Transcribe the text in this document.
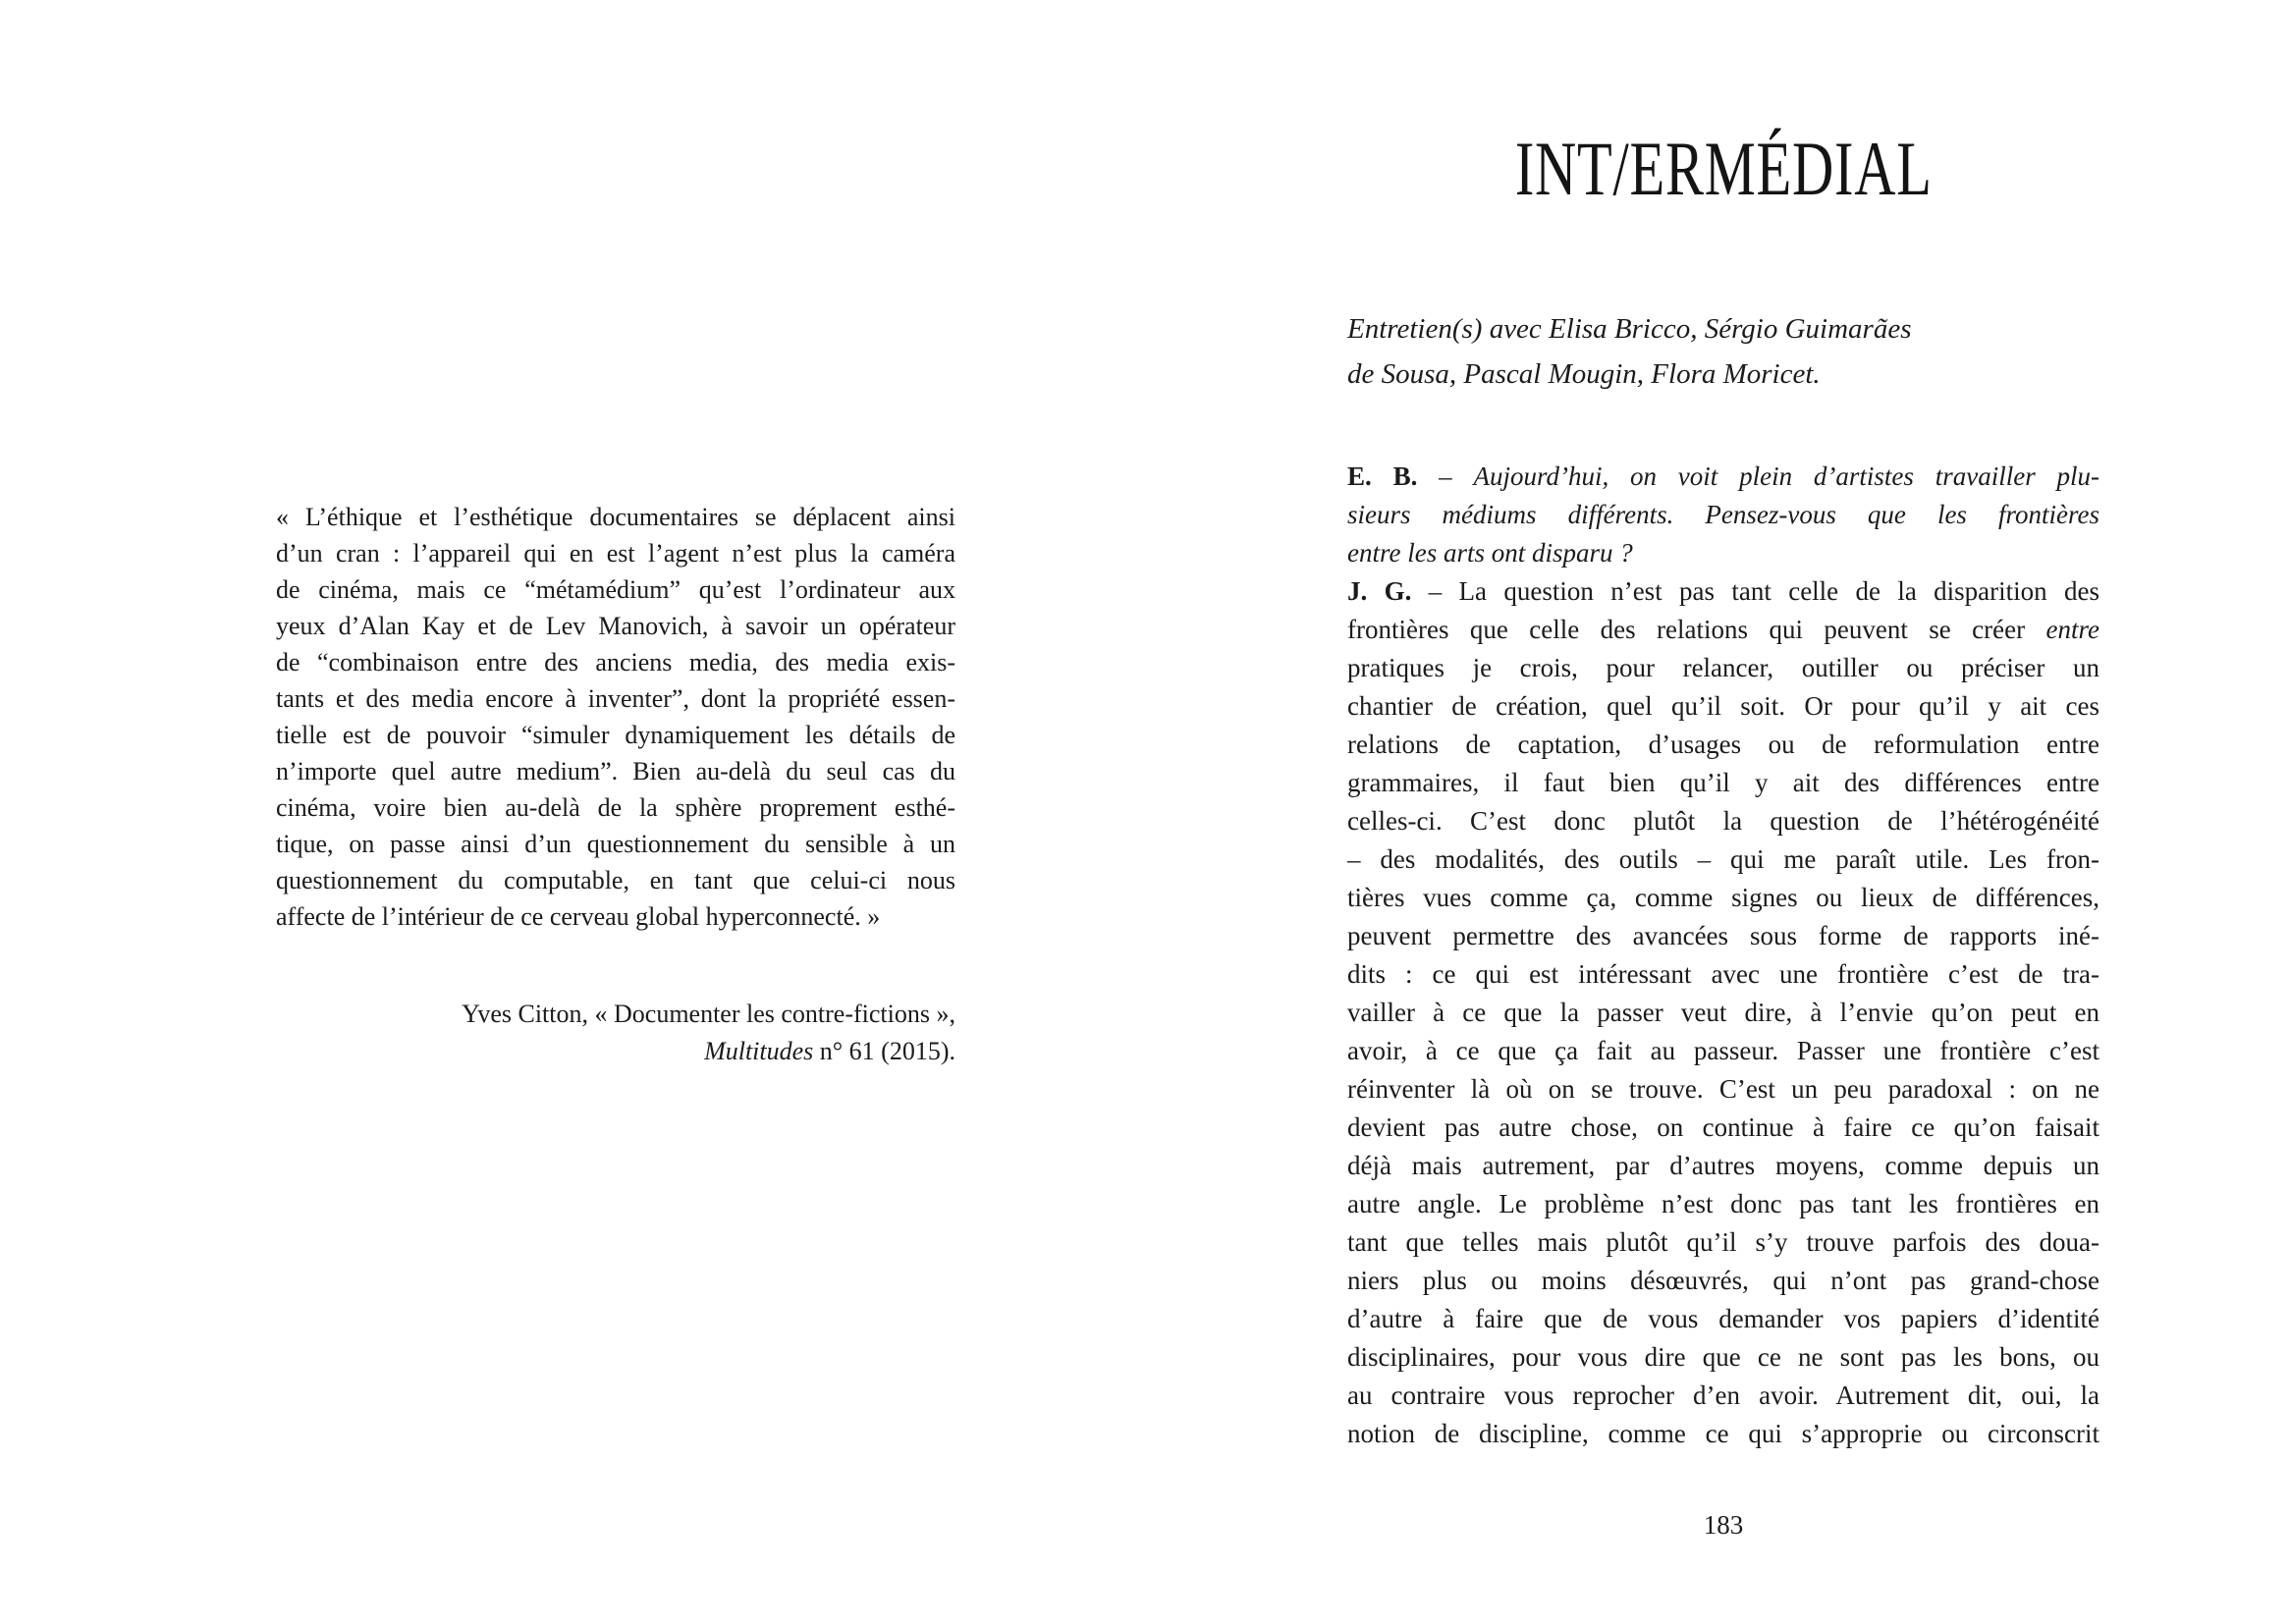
« L’éthique et l’esthétique documentaires se déplacent ainsi
d’un cran : l’appareil qui en est l’agent n’est plus la caméra
de cinéma, mais ce “métamédium” qu’est l’ordinateur aux
yeux d’Alan Kay et de Lev Manovich, à savoir un opérateur
de “combinaison entre des anciens media, des media exis-
tants et des media encore à inventer”, dont la propriété essen-
tielle est de pouvoir “simuler dynamiquement les détails de
n’importe quel autre medium”. Bien au-delà du seul cas du
cinéma, voire bien au-delà de la sphère proprement esthé-
tique, on passe ainsi d’un questionnement du sensible à un
questionnement du computable, en tant que celui-ci nous
affecte de l’intérieur de ce cerveau global hyperconnecté. »
Yves Citton, « Documenter les contre-fictions »,
Multitudes n° 61 (2015).
INT/ERMÉDIAL
Entretien(s) avec Elisa Bricco, Sérgio Guimarães
de Sousa, Pascal Mougin, Flora Moricet.
E. B. – Aujourd’hui, on voit plein d’artistes travailler plu-
sieurs médiums différents. Pensez-vous que les frontières
entre les arts ont disparu ?
J. G. – La question n’est pas tant celle de la disparition des
frontières que celle des relations qui peuvent se créer entre
pratiques je crois, pour relancer, outiller ou préciser un
chantier de création, quel qu’il soit. Or pour qu’il y ait ces
relations de captation, d’usages ou de reformulation entre
grammaires, il faut bien qu’il y ait des différences entre
celles-ci. C’est donc plutôt la question de l’hétérogénéité
– des modalités, des outils – qui me paraît utile. Les fron-
tières vues comme ça, comme signes ou lieux de différences,
peuvent permettre des avancées sous forme de rapports iné-
dits : ce qui est intéressant avec une frontière c’est de tra-
vailler à ce que la passer veut dire, à l’envie qu’on peut en
avoir, à ce que ça fait au passeur. Passer une frontière c’est
réinventer là où on se trouve. C’est un peu paradoxal : on ne
devient pas autre chose, on continue à faire ce qu’on faisait
déjà mais autrement, par d’autres moyens, comme depuis un
autre angle. Le problème n’est donc pas tant les frontières en
tant que telles mais plutôt qu’il s’y trouve parfois des doua-
niers plus ou moins désœuvrés, qui n’ont pas grand-chose
d’autre à faire que de vous demander vos papiers d’identité
disciplinaires, pour vous dire que ce ne sont pas les bons, ou
au contraire vous reprocher d’en avoir. Autrement dit, oui, la
notion de discipline, comme ce qui s’approprie ou circonscrit
183
